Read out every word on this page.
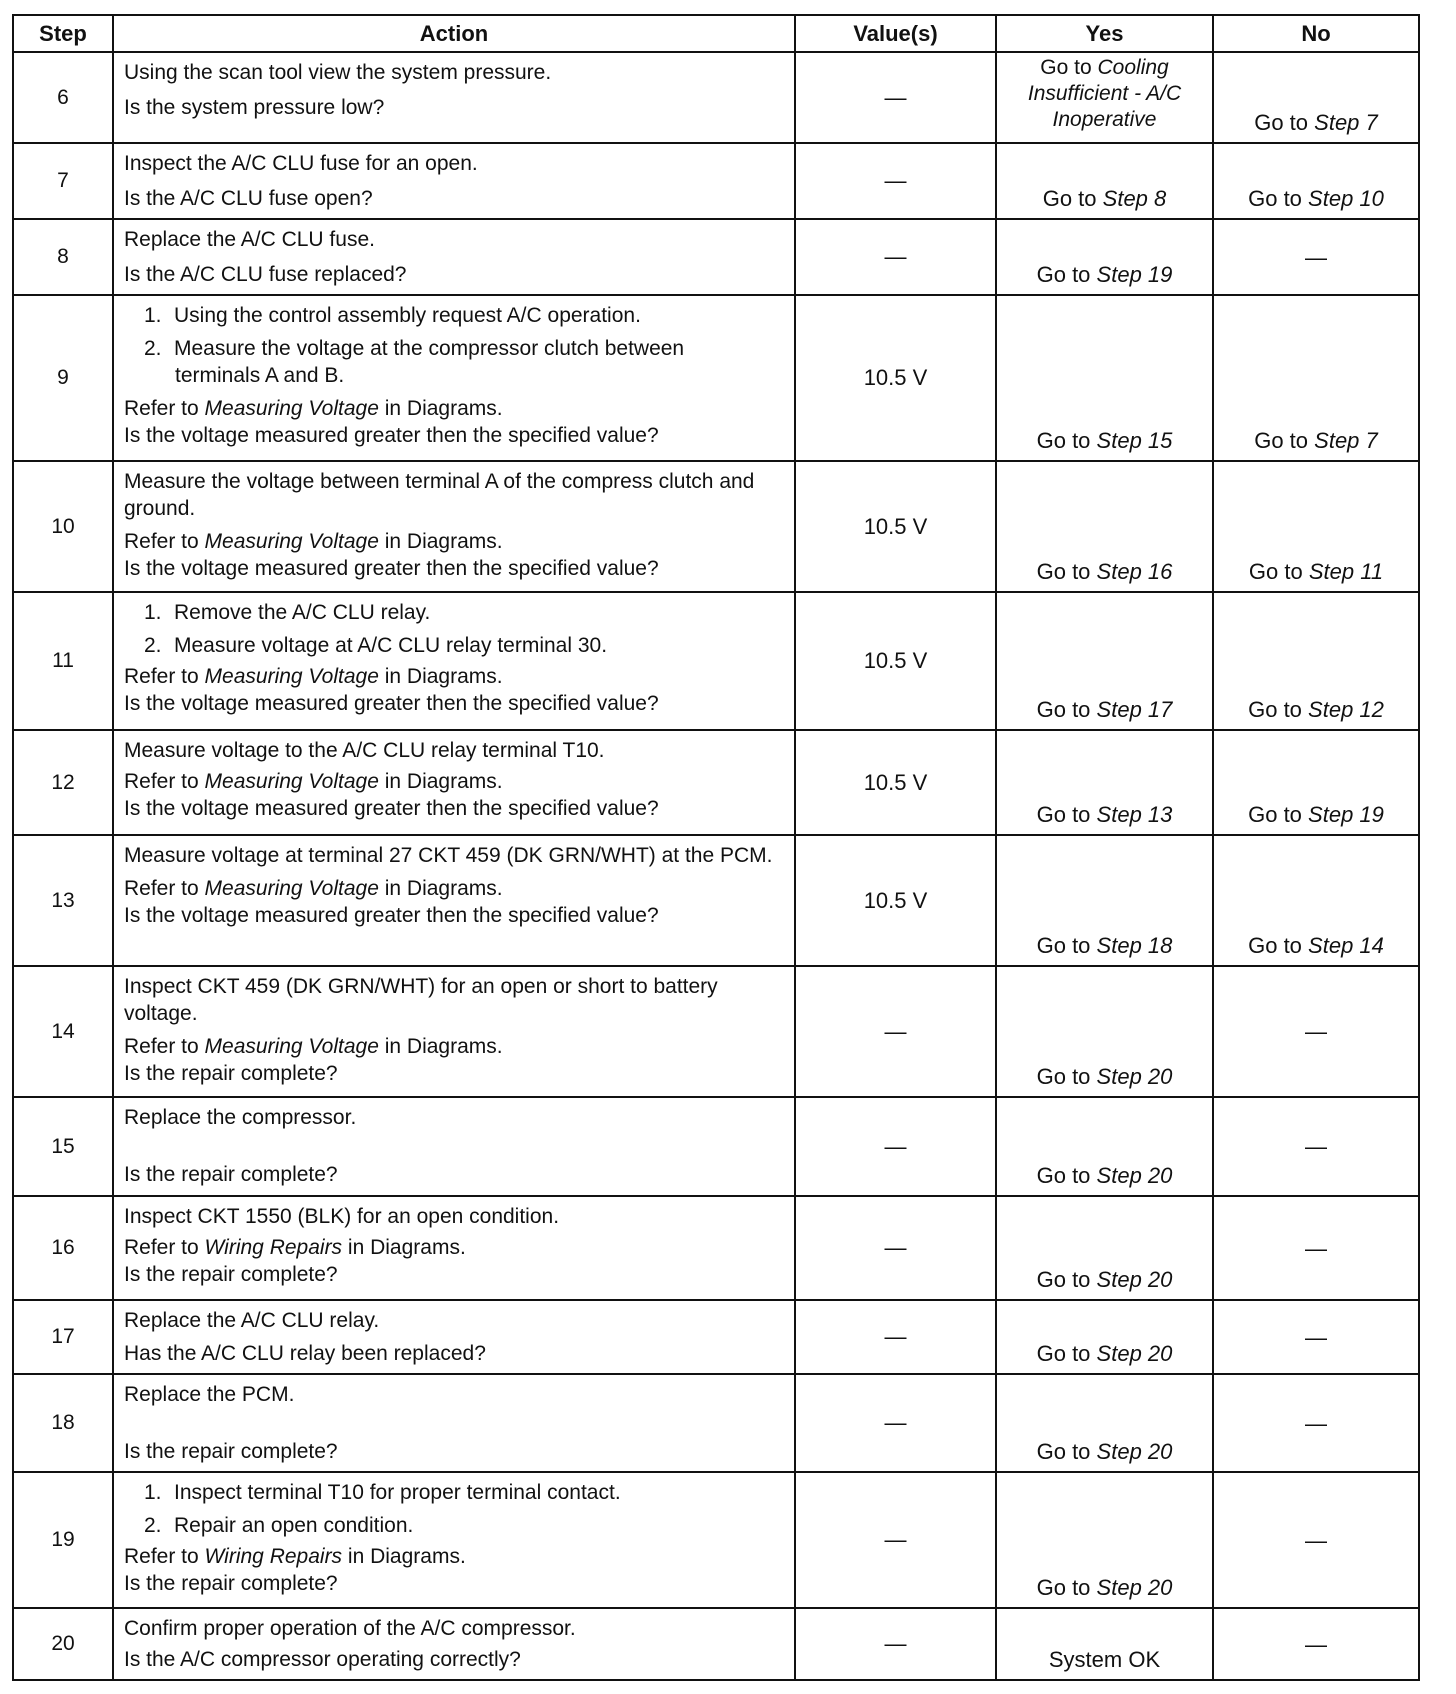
Step	Action	Value(s)	Yes	No
6	Using the scan tool view the system pressure.
Is the system pressure low?	—	Go to Cooling Insufficient - A/C Inoperative	Go to Step 7
7	Inspect the A/C CLU fuse for an open.
Is the A/C CLU fuse open?	—	Go to Step 8	Go to Step 10
8	Replace the A/C CLU fuse.
Is the A/C CLU fuse replaced?	—	Go to Step 19	—
9	1. Using the control assembly request A/C operation.
2. Measure the voltage at the compressor clutch between terminals A and B.
Refer to Measuring Voltage in Diagrams.
Is the voltage measured greater then the specified value?	10.5 V	Go to Step 15	Go to Step 7
10	Measure the voltage between terminal A of the compress clutch and ground.
Refer to Measuring Voltage in Diagrams.
Is the voltage measured greater then the specified value?	10.5 V	Go to Step 16	Go to Step 11
11	1. Remove the A/C CLU relay.
2. Measure voltage at A/C CLU relay terminal 30.
Refer to Measuring Voltage in Diagrams.
Is the voltage measured greater then the specified value?	10.5 V	Go to Step 17	Go to Step 12
12	Measure voltage to the A/C CLU relay terminal T10.
Refer to Measuring Voltage in Diagrams.
Is the voltage measured greater then the specified value?	10.5 V	Go to Step 13	Go to Step 19
13	Measure voltage at terminal 27 CKT 459 (DK GRN/WHT) at the PCM.
Refer to Measuring Voltage in Diagrams.
Is the voltage measured greater then the specified value?	10.5 V	Go to Step 18	Go to Step 14
14	Inspect CKT 459 (DK GRN/WHT) for an open or short to battery voltage.
Refer to Measuring Voltage in Diagrams.
Is the repair complete?	—	Go to Step 20	—
15	Replace the compressor.
Is the repair complete?	—	Go to Step 20	—
16	Inspect CKT 1550 (BLK) for an open condition.
Refer to Wiring Repairs in Diagrams.
Is the repair complete?	—	Go to Step 20	—
17	Replace the A/C CLU relay.
Has the A/C CLU relay been replaced?	—	Go to Step 20	—
18	Replace the PCM.
Is the repair complete?	—	Go to Step 20	—
19	1. Inspect terminal T10 for proper terminal contact.
2. Repair an open condition.
Refer to Wiring Repairs in Diagrams.
Is the repair complete?	—	Go to Step 20	—
20	Confirm proper operation of the A/C compressor.
Is the A/C compressor operating correctly?	—	System OK	—
